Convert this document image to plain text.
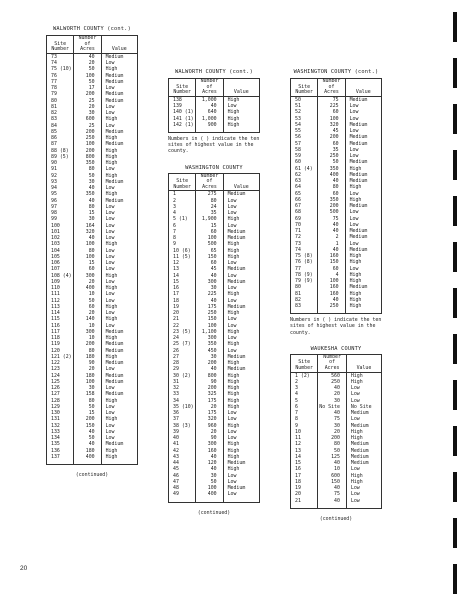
WALWORTH COUNTY (cont.)
Site
Number	Number
of
Acres	Value
73	40	Medium
74	20	Low
75 (10)	50	High
76	100	Medium
77	50	Medium
78	17	Low
79	200	Medium
80	25	Medium
81	20	Low
82	30	Low
83	600	High
84	25	Low
85	200	Medium
86	250	High
87	100	Medium
88 (8)	200	High
89 (5)	800	High
90	350	High
91	80	Low
92	50	High
93	30	Medium
94	40	Low
95	350	High
96	40	Medium
97	80	Low
98	15	Low
99	30	Low
100	164	Low
101	320	Low
102	40	Low
103	100	High
104	80	Low
105	100	Low
106	15	Low
107	60	Low
108 (4)	300	High
109	20	Low
110	400	High
111	10	Low
112	50	Low
113	60	High
114	20	Low
115	140	High
116	10	Low
117	300	Medium
118	10	High
119	200	Medium
120	80	Medium
121 (2)	180	High
122	90	Medium
123	20	Low
124	180	Medium
125	100	Medium
126	30	Low
127	158	Medium
128	80	High
129	50	Low
130	15	Low
131	200	High
132	150	Low
133	40	Low
134	50	Low
135	40	Medium
136	180	High
137	400	High
(continued)
WALWORTH COUNTY (cont.)
Site
Number	Number
of
Acres	Value
138	1,000	High
139	40	Low
140 (1)	640	High
141 (1)	1,000	High
142 (1)	900	High
Numbers in ( ) indicate the ten sites of highest value in the county.
WASHINGTON COUNTY
Site
Number	Number
of
Acres	Value
1	275	Medium
2	80	Low
3	24	Low
4	35	Low
5 (1)	1,900	High
6	15	Low
7	60	Medium
8	100	Medium
9	500	High
10 (6)	65	High
11 (5)	150	High
12	60	Low
13	45	Medium
14	40	Low
15	300	Medium
16	30	Low
17	225	High
18	40	Low
19	175	Medium
20	250	High
21	150	Low
22	100	Low
23 (5)	1,100	High
24	300	Low
25 (7)	350	High
26	450	Low
27	30	Medium
28	200	High
29	40	Medium
30 (2)	800	High
31	90	High
32	200	High
33	325	High
34	175	High
35 (10)	20	High
36	175	Low
37	320	Low
38 (3)	960	High
39	20	Low
40	90	Low
41	300	High
42	160	High
43	40	High
44	120	Medium
45	40	High
46	30	Low
47	50	Low
48	100	Medium
49	400	Low
(continued)
WASHINGTON COUNTY (cont.)
Site
Number	Number
of
Acres	Value
50	75	Medium
51	225	Low
52	60	Low
53	100	Low
54	320	Medium
55	45	Low
56	200	Medium
57	60	Medium
58	35	Low
59	250	Low
60	50	Medium
61 (4)	350	High
62	400	Medium
63	40	Medium
64	80	High
65	60	Low
66	350	High
67	200	Medium
68	500	Low
69	75	Low
70	40	Low
71	40	Medium
72	2	Medium
73	1	Low
74	40	Medium
75 (8)	160	High
76 (8)	150	High
77	60	Low
78 (9)	4	High
79 (9)	100	High
80	160	Medium
81	160	High
82	40	High
83	250	High
Numbers in ( ) indicate the ten sites of highest value in the county.
WAUKESHA COUNTY
Site
Number	Number
of
Acres	Value
1 (2)	560	High
2	250	High
3	40	Low
4	20	Low
5	30	Low
6	No Site	No Site
7	40	Medium
8	75	Low
9	30	Medium
10	20	High
11	200	High
12	80	Medium
13	50	Medium
14	125	Medium
15	40	Medium
16	10	Low
17	600	High
18	150	High
19	40	Low
20	75	Low
21	40	Low
(continued)
20
